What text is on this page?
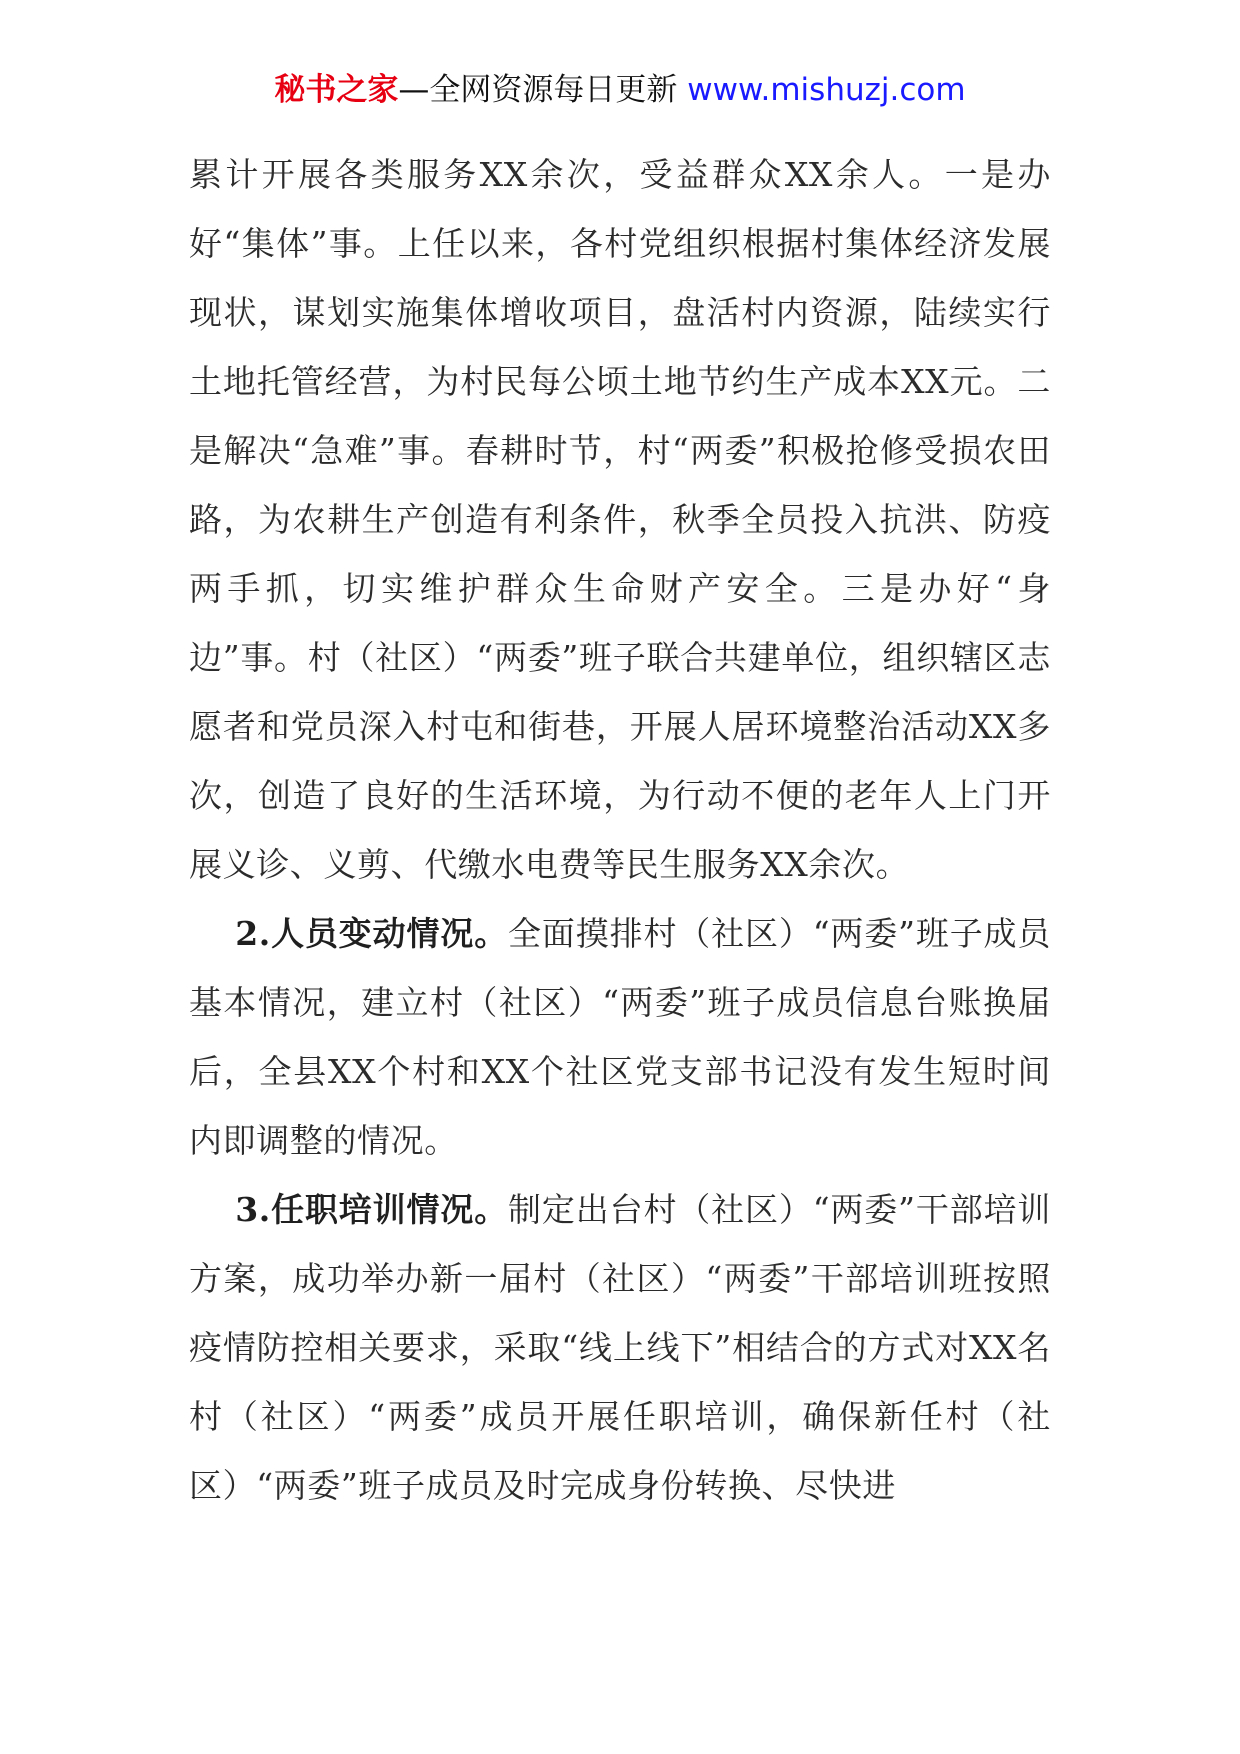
秘书之家—全网资源每日更新 www.mishuzj.com

累计开展各类服务XX余次，受益群众XX余人。一是办好“集体”事。上任以来，各村党组织根据村集体经济发展现状，谋划实施集体增收项目，盘活村内资源，陆续实行土地托管经营，为村民每公顷土地节约生产成本XX元。二是解决“急难”事。春耕时节，村“两委”积极抢修受损农田路，为农耕生产创造有利条件，秋季全员投入抗洪、防疫两手抓，切实维护群众生命财产安全。三是办好“身边”事。村（社区）“两委”班子联合共建单位，组织辖区志愿者和党员深入村屯和街巷，开展人居环境整治活动XX多次，创造了良好的生活环境，为行动不便的老年人上门开展义诊、义剪、代缴水电费等民生服务XX余次。

2.人员变动情况。全面摸排村（社区）“两委”班子成员基本情况，建立村（社区）“两委”班子成员信息台账换届后，全县XX个村和XX个社区党支部书记没有发生短时间内即调整的情况。

3.任职培训情况。制定出台村（社区）“两委”干部培训方案，成功举办新一届村（社区）“两委”干部培训班按照疫情防控相关要求，采取“线上线下”相结合的方式对XX名村（社区）“两委”成员开展任职培训，确保新任村（社区）“两委”班子成员及时完成身份转换、尽快进
